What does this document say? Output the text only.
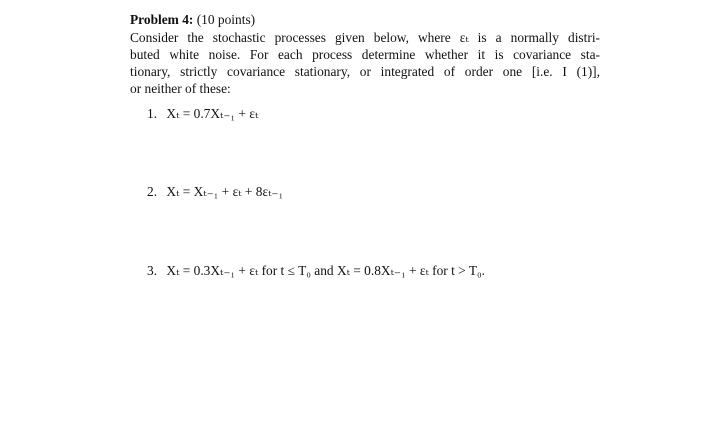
Problem 4: (10 points)

Consider the stochastic processes given below, where εₜ is a normally distri-
buted white noise. For each process determine whether it is covariance sta-
tionary, strictly covariance stationary, or integrated of order one [i.e. I (1)],
or neither of these:

1. Xₜ = 0.7Xₜ₋₁ + εₜ
2. Xₜ = Xₜ₋₁ + εₜ + 8εₜ₋₁
3. Xₜ = 0.3Xₜ₋₁ + εₜ for t ≤ T₀ and Xₜ = 0.8Xₜ₋₁ + εₜ for t > T₀.
